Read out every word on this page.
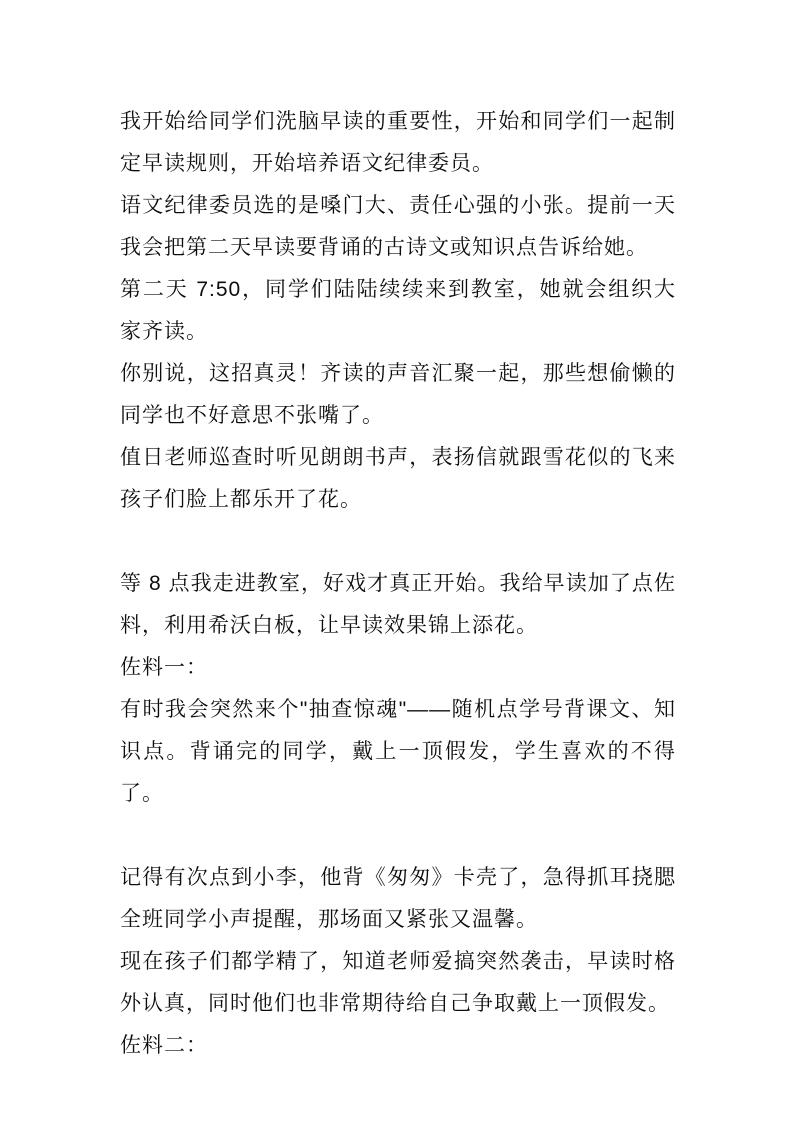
我开始给同学们洗脑早读的重要性，开始和同学们一起制定早读规则，开始培养语文纪律委员。

语文纪律委员选的是嗓门大、责任心强的小张。提前一天我会把第二天早读要背诵的古诗文或知识点告诉给她。

第二天 7:50，同学们陆陆续续来到教室，她就会组织大家齐读。

你别说，这招真灵！齐读的声音汇聚一起，那些想偷懒的同学也不好意思不张嘴了。

值日老师巡查时听见朗朗书声，表扬信就跟雪花似的飞来孩子们脸上都乐开了花。

等 8 点我走进教室，好戏才真正开始。我给早读加了点佐料，利用希沃白板，让早读效果锦上添花。

佐料一：

有时我会突然来个"抽查惊魂"——随机点学号背课文、知识点。背诵完的同学，戴上一顶假发，学生喜欢的不得了。

记得有次点到小李，他背《匆匆》卡壳了，急得抓耳挠腮全班同学小声提醒，那场面又紧张又温馨。

现在孩子们都学精了，知道老师爱搞突然袭击，早读时格外认真，同时他们也非常期待给自己争取戴上一顶假发。

佐料二：
